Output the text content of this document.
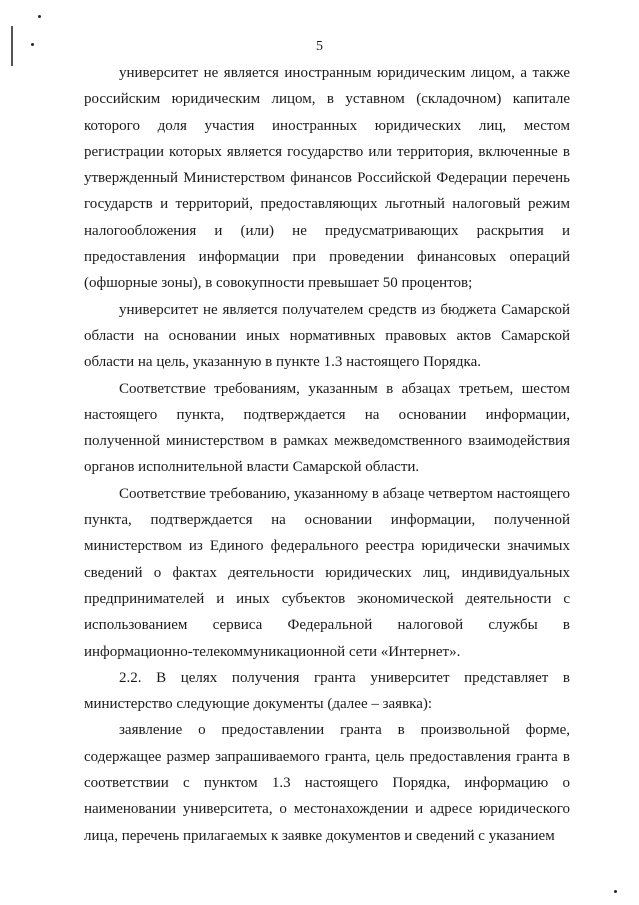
5

университет не является иностранным юридическим лицом, а также российским юридическим лицом, в уставном (складочном) капитале которого доля участия иностранных юридических лиц, местом регистрации которых является государство или территория, включенные в утвержденный Министерством финансов Российской Федерации перечень государств и территорий, предоставляющих льготный налоговый режим налогообложения и (или) не предусматривающих раскрытия и предоставления информации при проведении финансовых операций (офшорные зоны), в совокупности превышает 50 процентов;

университет не является получателем средств из бюджета Самарской области на основании иных нормативных правовых актов Самарской области на цель, указанную в пункте 1.3 настоящего Порядка.

Соответствие требованиям, указанным в абзацах третьем, шестом настоящего пункта, подтверждается на основании информации, полученной министерством в рамках межведомственного взаимодействия органов исполнительной власти Самарской области.

Соответствие требованию, указанному в абзаце четвертом настоящего пункта, подтверждается на основании информации, полученной министерством из Единого федерального реестра юридически значимых сведений о фактах деятельности юридических лиц, индивидуальных предпринимателей и иных субъектов экономической деятельности с использованием сервиса Федеральной налоговой службы в информационно-телекоммуникационной сети «Интернет».

2.2. В целях получения гранта университет представляет в министерство следующие документы (далее – заявка):

заявление о предоставлении гранта в произвольной форме, содержащее размер запрашиваемого гранта, цель предоставления гранта в соответствии с пунктом 1.3 настоящего Порядка, информацию о наименовании университета, о местонахождении и адресе юридического лица, перечень прилагаемых к заявке документов и сведений с указанием
